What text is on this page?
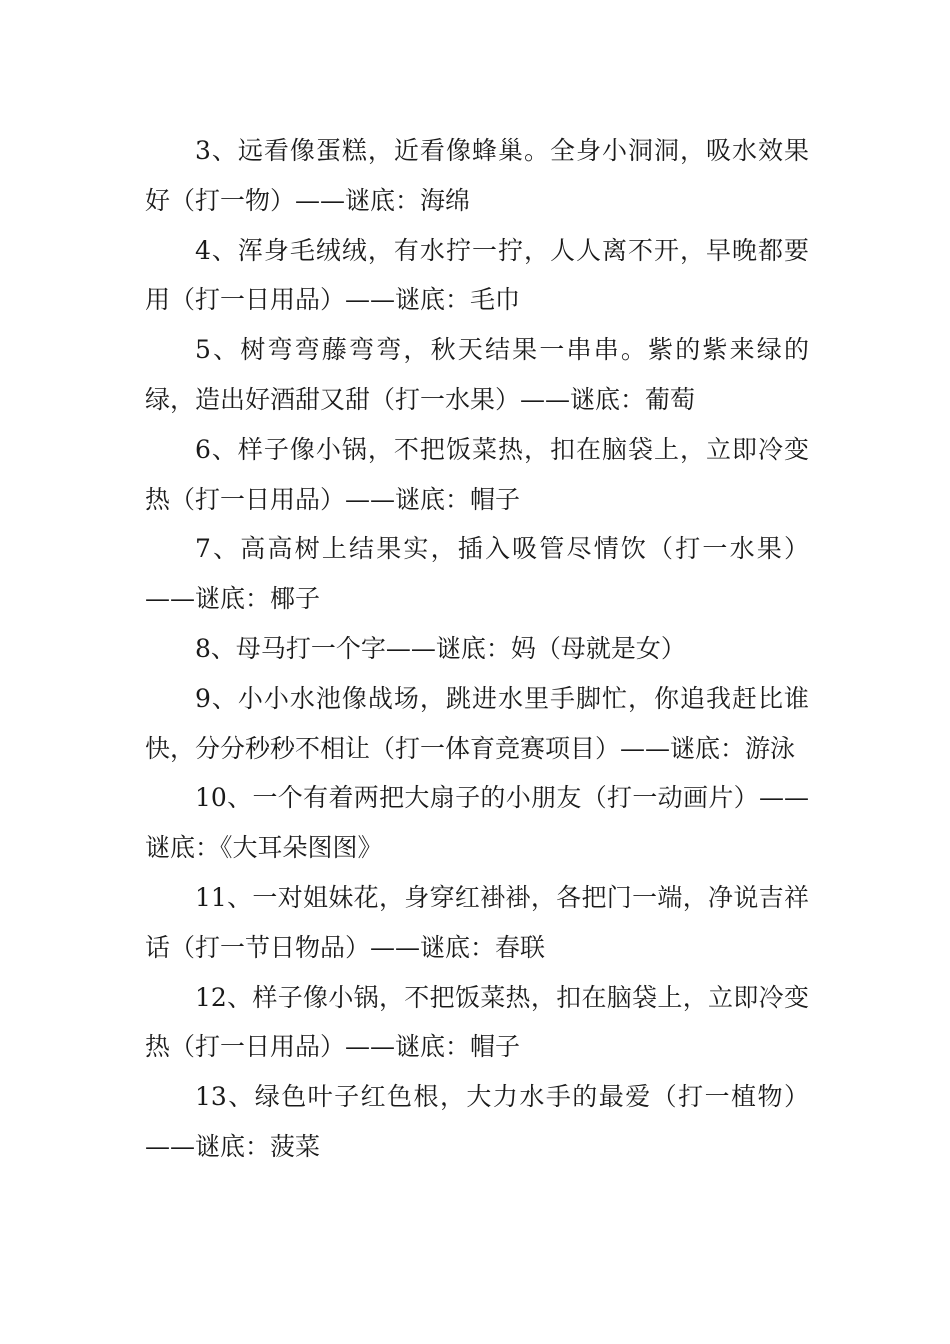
3、远看像蛋糕，近看像蜂巢。全身小洞洞，吸水效果好（打一物）——谜底：海绵

4、浑身毛绒绒，有水拧一拧，人人离不开，早晚都要用（打一日用品）——谜底：毛巾

5、树弯弯藤弯弯，秋天结果一串串。紫的紫来绿的绿，造出好酒甜又甜（打一水果）——谜底：葡萄

6、样子像小锅，不把饭菜热，扣在脑袋上，立即冷变热（打一日用品）——谜底：帽子

7、高高树上结果实，插入吸管尽情饮（打一水果）——谜底：椰子

8、母马打一个字——谜底：妈（母就是女）

9、小小水池像战场，跳进水里手脚忙，你追我赶比谁快，分分秒秒不相让（打一体育竞赛项目）——谜底：游泳

10、一个有着两把大扇子的小朋友（打一动画片）——谜底：《大耳朵图图》

11、一对姐妹花，身穿红褂褂，各把门一端，净说吉祥话（打一节日物品）——谜底：春联

12、样子像小锅，不把饭菜热，扣在脑袋上，立即冷变热（打一日用品）——谜底：帽子

13、绿色叶子红色根，大力水手的最爱（打一植物）——谜底：菠菜
